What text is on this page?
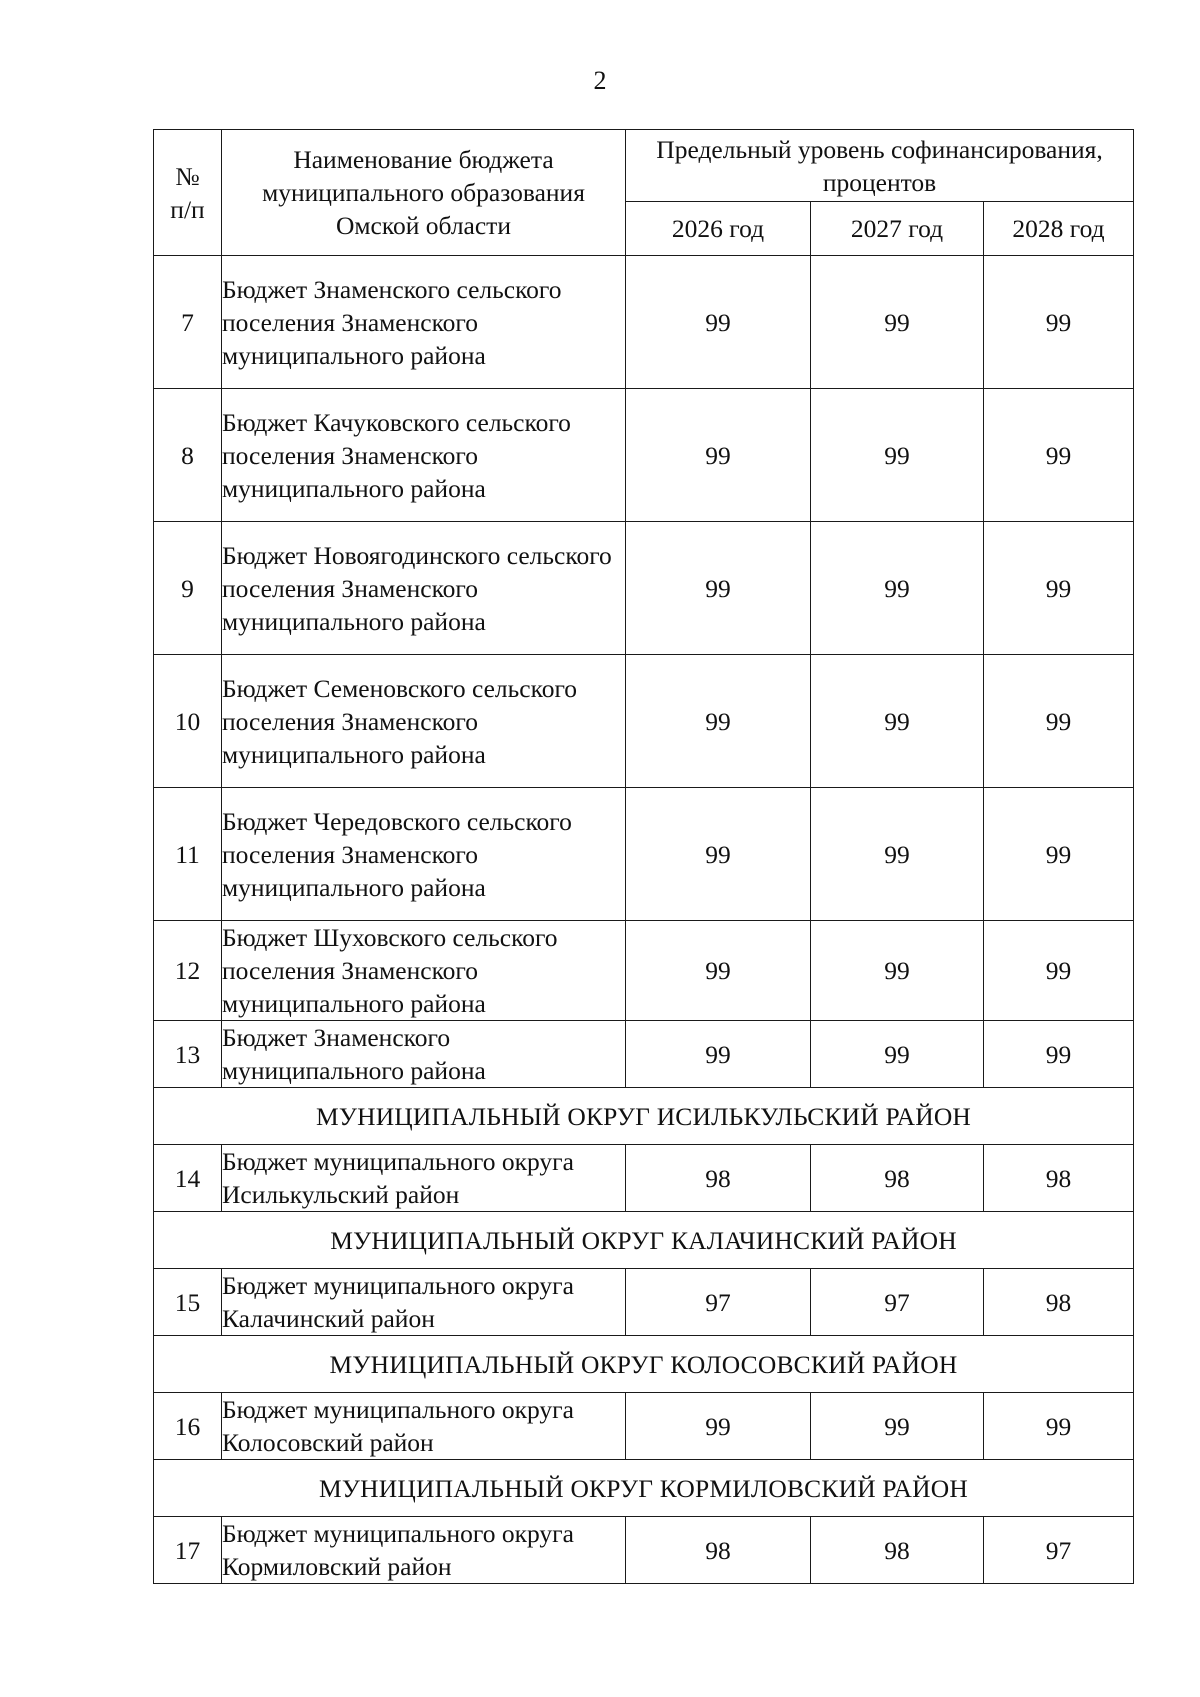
2
№
п/п	Наименование бюджета муниципального образования Омской области	Предельный уровень софинансирования, процентов		
		2026 год	2027 год	2028 год
7	Бюджет Знаменского сельского поселения Знаменского муниципального района	99	99	99
8	Бюджет Качуковского сельского поселения Знаменского муниципального района	99	99	99
9	Бюджет Новоягодинского сельского поселения Знаменского муниципального района	99	99	99
10	Бюджет Семеновского сельского поселения Знаменского муниципального района	99	99	99
11	Бюджет Чередовского сельского поселения Знаменского муниципального района	99	99	99
12	Бюджет Шуховского сельского поселения Знаменского муниципального района	99	99	99
13	Бюджет Знаменского муниципального района	99	99	99
МУНИЦИПАЛЬНЫЙ ОКРУГ ИСИЛЬКУЛЬСКИЙ РАЙОН				
14	Бюджет муниципального округа Исилькульский район	98	98	98
МУНИЦИПАЛЬНЫЙ ОКРУГ КАЛАЧИНСКИЙ РАЙОН				
15	Бюджет муниципального округа Калачинский район	97	97	98
МУНИЦИПАЛЬНЫЙ ОКРУГ КОЛОСОВСКИЙ РАЙОН				
16	Бюджет муниципального округа Колосовский район	99	99	99
МУНИЦИПАЛЬНЫЙ ОКРУГ КОРМИЛОВСКИЙ РАЙОН				
17	Бюджет муниципального округа Кормиловский район	98	98	97
